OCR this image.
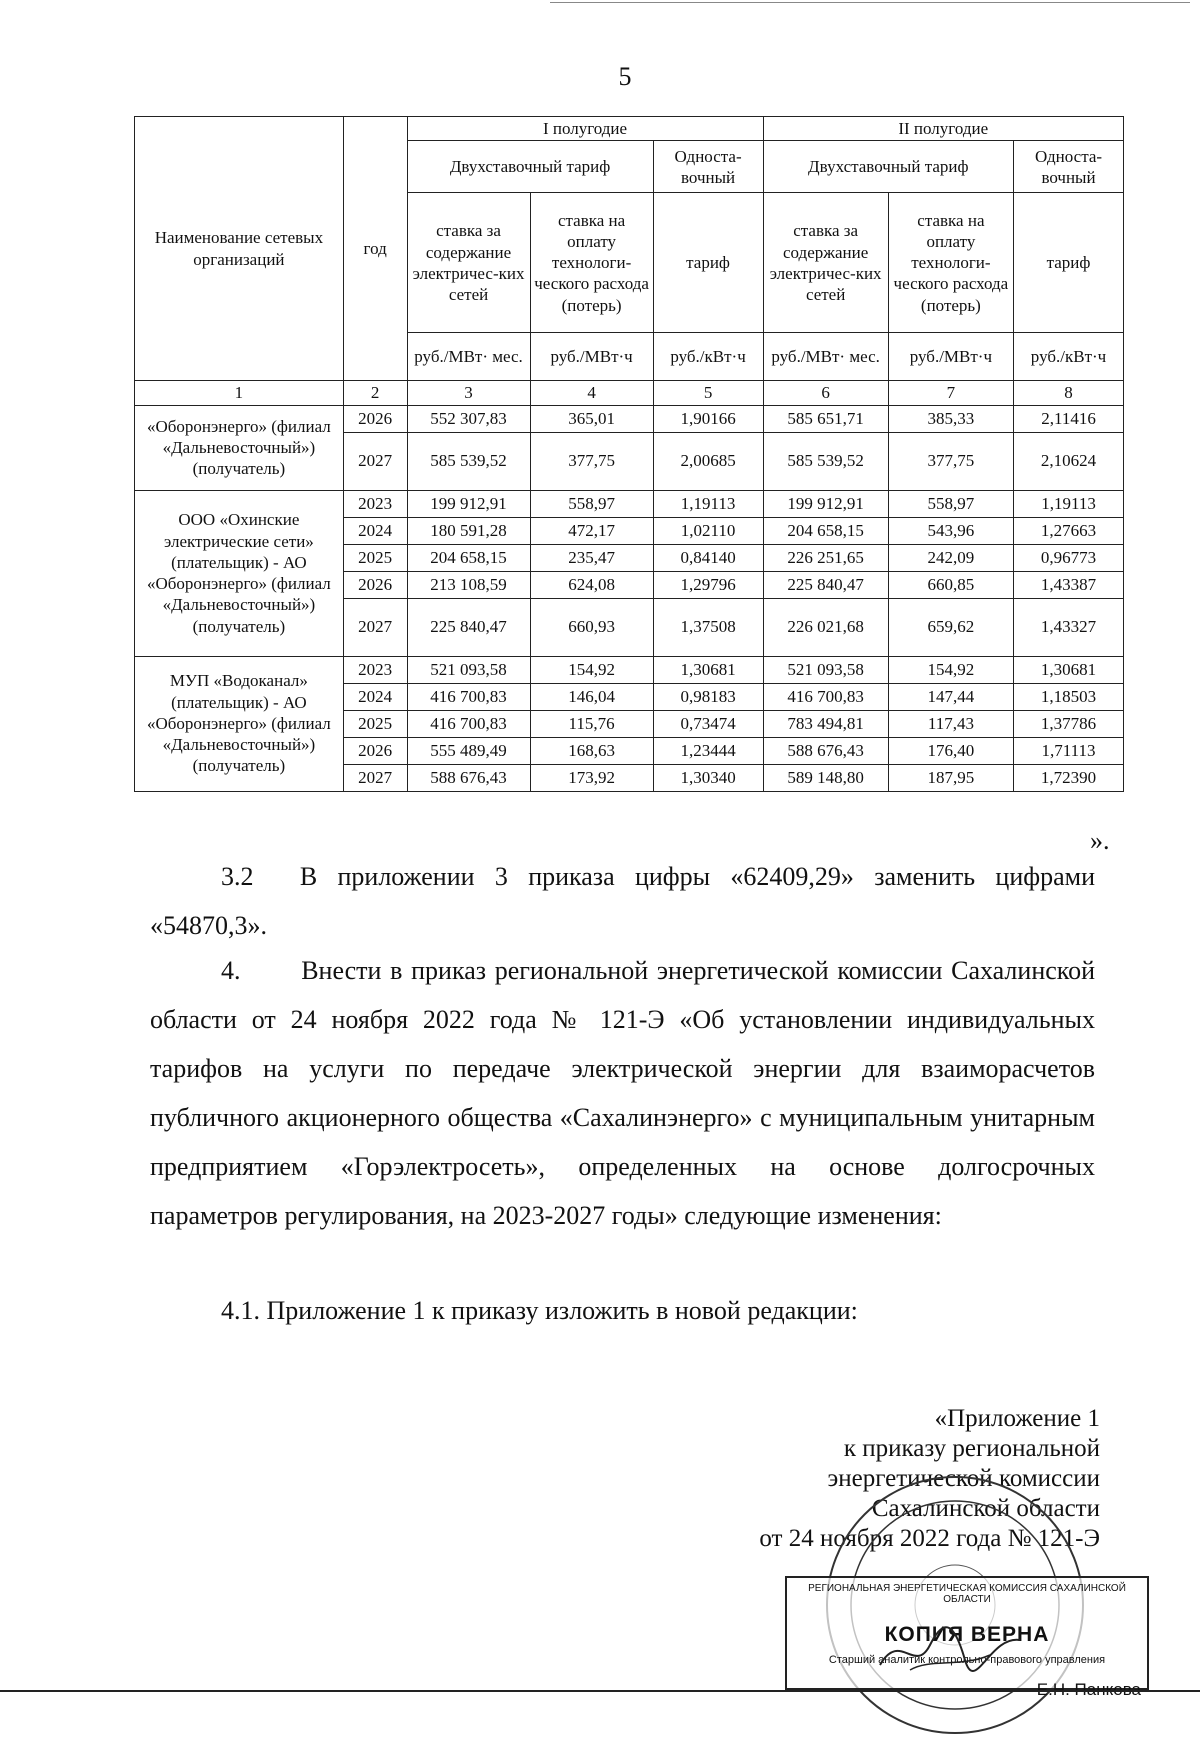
5
Наименование сетевых организаций	год	I полугодие			II полугодие		
		Двухставочный тариф		Односта-вочный	Двухставочный тариф		Односта-вочный
		ставка за содержание электричес-ких сетей	ставка на оплату технологи-ческого расхода (потерь)	тариф	ставка за содержание электричес-ких сетей	ставка на оплату технологи-ческого расхода (потерь)	тариф
		руб./МВт· мес.	руб./МВт·ч	руб./кВт·ч	руб./МВт· мес.	руб./МВт·ч	руб./кВт·ч
1	2	3	4	5	6	7	8
«Оборонэнерго» (филиал «Дальневосточный») (получатель)	2026	552 307,83	365,01	1,90166	585 651,71	385,33	2,11416
	2027	585 539,52	377,75	2,00685	585 539,52	377,75	2,10624
ООО «Охинские электрические сети» (плательщик) - АО «Оборонэнерго» (филиал «Дальневосточный») (получатель)	2023	199 912,91	558,97	1,19113	199 912,91	558,97	1,19113
	2024	180 591,28	472,17	1,02110	204 658,15	543,96	1,27663
	2025	204 658,15	235,47	0,84140	226 251,65	242,09	0,96773
	2026	213 108,59	624,08	1,29796	225 840,47	660,85	1,43387
	2027	225 840,47	660,93	1,37508	226 021,68	659,62	1,43327
МУП «Водоканал» (плательщик) - АО «Оборонэнерго» (филиал «Дальневосточный») (получатель)	2023	521 093,58	154,92	1,30681	521 093,58	154,92	1,30681
	2024	416 700,83	146,04	0,98183	416 700,83	147,44	1,18503
	2025	416 700,83	115,76	0,73474	783 494,81	117,43	1,37786
	2026	555 489,49	168,63	1,23444	588 676,43	176,40	1,71113
	2027	588 676,43	173,92	1,30340	589 148,80	187,95	1,72390
».
3.2  В приложении 3 приказа цифры «62409,29» заменить цифрами «54870,3».
4.   Внести в приказ региональной энергетической комиссии Сахалинской области от 24 ноября 2022 года № 121-Э «Об установлении индивидуальных тарифов на услуги по передаче электрической энергии для взаиморасчетов публичного акционерного общества «Сахалинэнерго» с муниципальным унитарным предприятием «Горэлектросеть», определенных на основе долгосрочных параметров регулирования, на 2023-2027 годы» следующие изменения:
4.1. Приложение 1 к приказу изложить в новой редакции:
«Приложение 1
к приказу региональной
энергетической комиссии
Сахалинской области
от 24 ноября 2022 года № 121-Э
РЕГИОНАЛЬНАЯ ЭНЕРГЕТИЧЕСКАЯ КОМИССИЯ САХАЛИНСКОЙ ОБЛАСТИ
КОПИЯ ВЕРНА
Старший аналитик контрольно-правового управления
Е.Н. Панкова
